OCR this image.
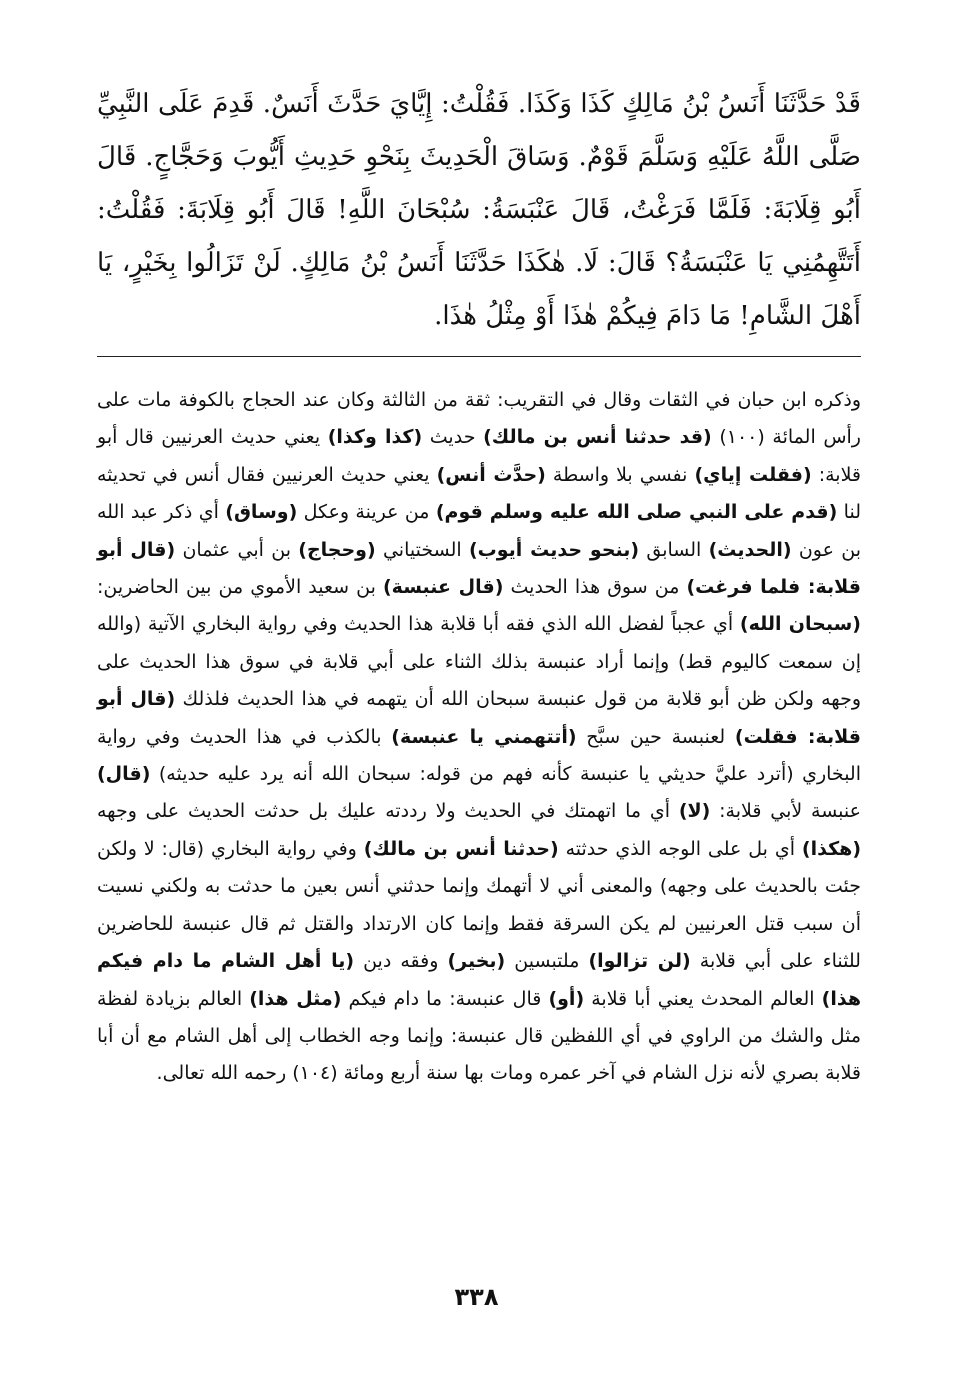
قَدْ حَدَّثَنَا أَنَسُ بْنُ مَالِكٍ كَذَا وَكَذَا. فَقُلْتُ: إِيَّايَ حَدَّثَ أَنَسٌ. قَدِمَ عَلَى النَّبِيِّ صَلَّى اللَّهُ عَلَيْهِ وَسَلَّمَ قَوْمٌ. وَسَاقَ الْحَدِيثَ بِنَحْوِ حَدِيثِ أَيُّوبَ وَحَجَّاجٍ. قَالَ أَبُو قِلَابَةَ: فَلَمَّا فَرَغْتُ، قَالَ عَنْبَسَةُ: سُبْحَانَ اللَّهِ! قَالَ أَبُو قِلَابَةَ: فَقُلْتُ: أَتَتَّهِمُنِي يَا عَنْبَسَةُ؟ قَالَ: لَا. هٰكَذَا حَدَّثَنَا أَنَسُ بْنُ مَالِكٍ. لَنْ تَزَالُوا بِخَيْرٍ، يَا أَهْلَ الشَّامِ! مَا دَامَ فِيكُمْ هٰذَا أَوْ مِثْلُ هٰذَا.

وذكره ابن حبان في الثقات وقال في التقريب: ثقة من الثالثة وكان عند الحجاج بالكوفة مات على رأس المائة (١٠٠) (قد حدثنا أنس بن مالك) حديث (كذا وكذا) يعني حديث العرنيين قال أبو قلابة: (فقلت إياي) نفسي بلا واسطة (حدَّث أنس) يعني حديث العرنيين فقال أنس في تحديثه لنا (قدم على النبي صلى الله عليه وسلم قوم) من عرينة وعكل (وساق) أي ذكر عبد الله بن عون (الحديث) السابق (بنحو حديث أيوب) السختياني (وحجاج) بن أبي عثمان (قال أبو قلابة: فلما فرغت) من سوق هذا الحديث (قال عنبسة) بن سعيد الأموي من بين الحاضرين: (سبحان الله) أي عجباً لفضل الله الذي فقه أبا قلابة هذا الحديث وفي رواية البخاري الآتية (والله إن سمعت كاليوم قط) وإنما أراد عنبسة بذلك الثناء على أبي قلابة في سوق هذا الحديث على وجهه ولكن ظن أبو قلابة من قول عنبسة سبحان الله أن يتهمه في هذا الحديث فلذلك (قال أبو قلابة: فقلت) لعنبسة حين سبَّح (أتتهمني يا عنبسة) بالكذب في هذا الحديث وفي رواية البخاري (أترد عليَّ حديثي يا عنبسة كأنه فهم من قوله: سبحان الله أنه يرد عليه حديثه) (قال) عنبسة لأبي قلابة: (لا) أي ما اتهمتك في الحديث ولا رددته عليك بل حدثت الحديث على وجهه (هكذا) أي بل على الوجه الذي حدثته (حدثنا أنس بن مالك) وفي رواية البخاري (قال: لا ولكن جئت بالحديث على وجهه) والمعنى أني لا أتهمك وإنما حدثني أنس بعين ما حدثت به ولكني نسيت أن سبب قتل العرنيين لم يكن السرقة فقط وإنما كان الارتداد والقتل ثم قال عنبسة للحاضرين للثناء على أبي قلابة (لن تزالوا) ملتبسين (بخير) وفقه دين (يا أهل الشام ما دام فيكم هذا) العالم المحدث يعني أبا قلابة (أو) قال عنبسة: ما دام فيكم (مثل هذا) العالم بزيادة لفظة مثل والشك من الراوي في أي اللفظين قال عنبسة: وإنما وجه الخطاب إلى أهل الشام مع أن أبا قلابة بصري لأنه نزل الشام في آخر عمره ومات بها سنة أربع ومائة (١٠٤) رحمه الله تعالى.
٣٣٨
